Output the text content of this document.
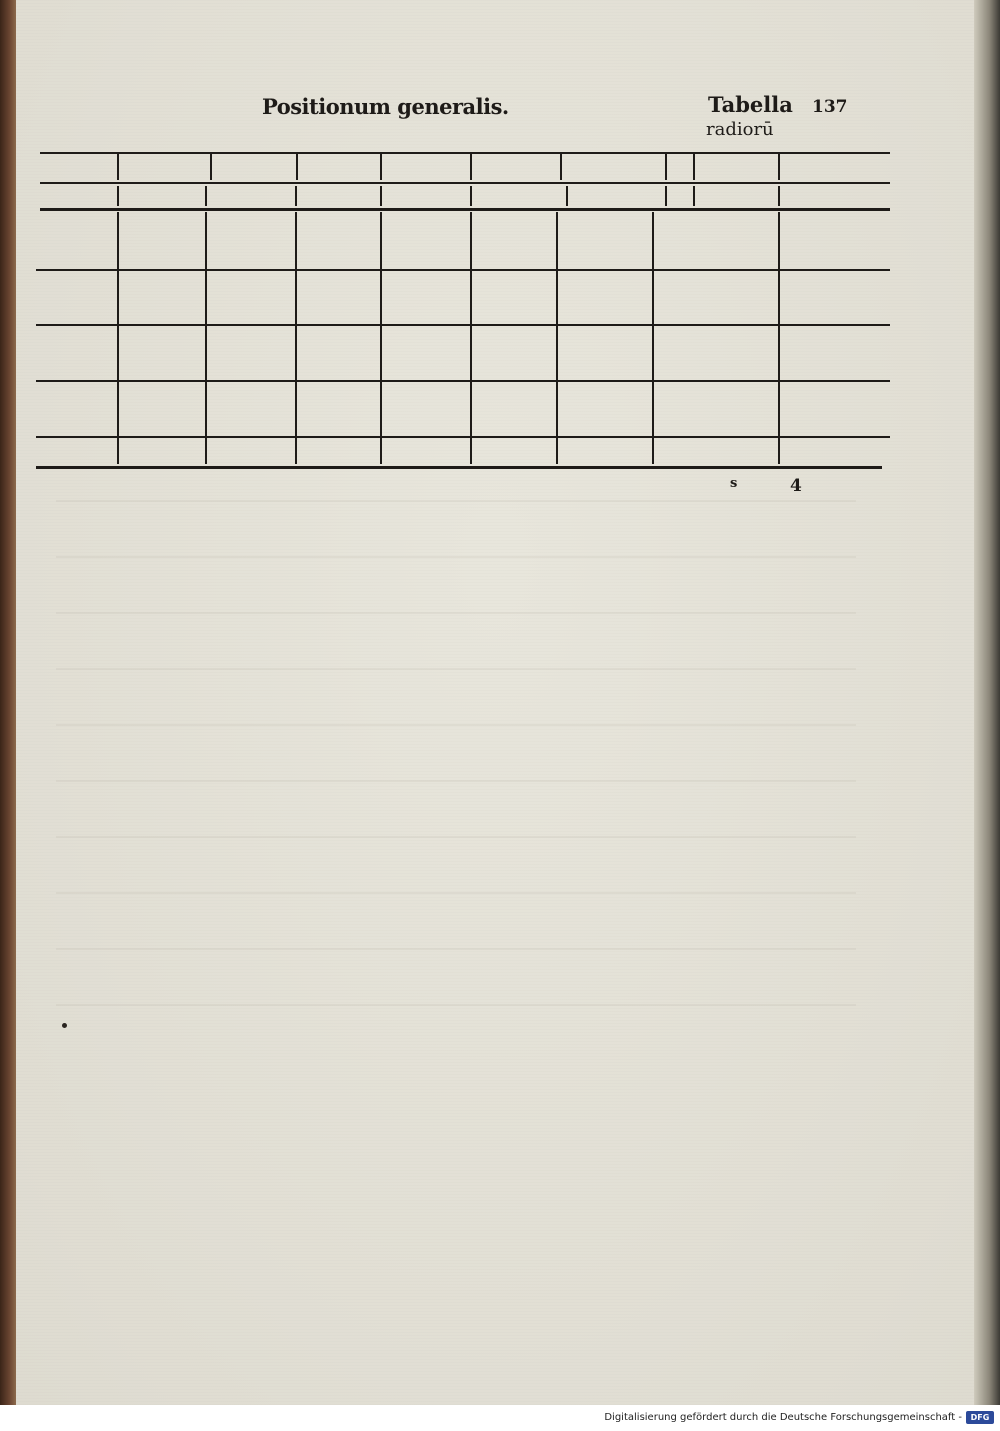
Positionum generalis.	Tabella
radiorū
137
s	4
Digitalisierung gefördert durch die Deutsche Forschungsgemeinschaft -	DFG
